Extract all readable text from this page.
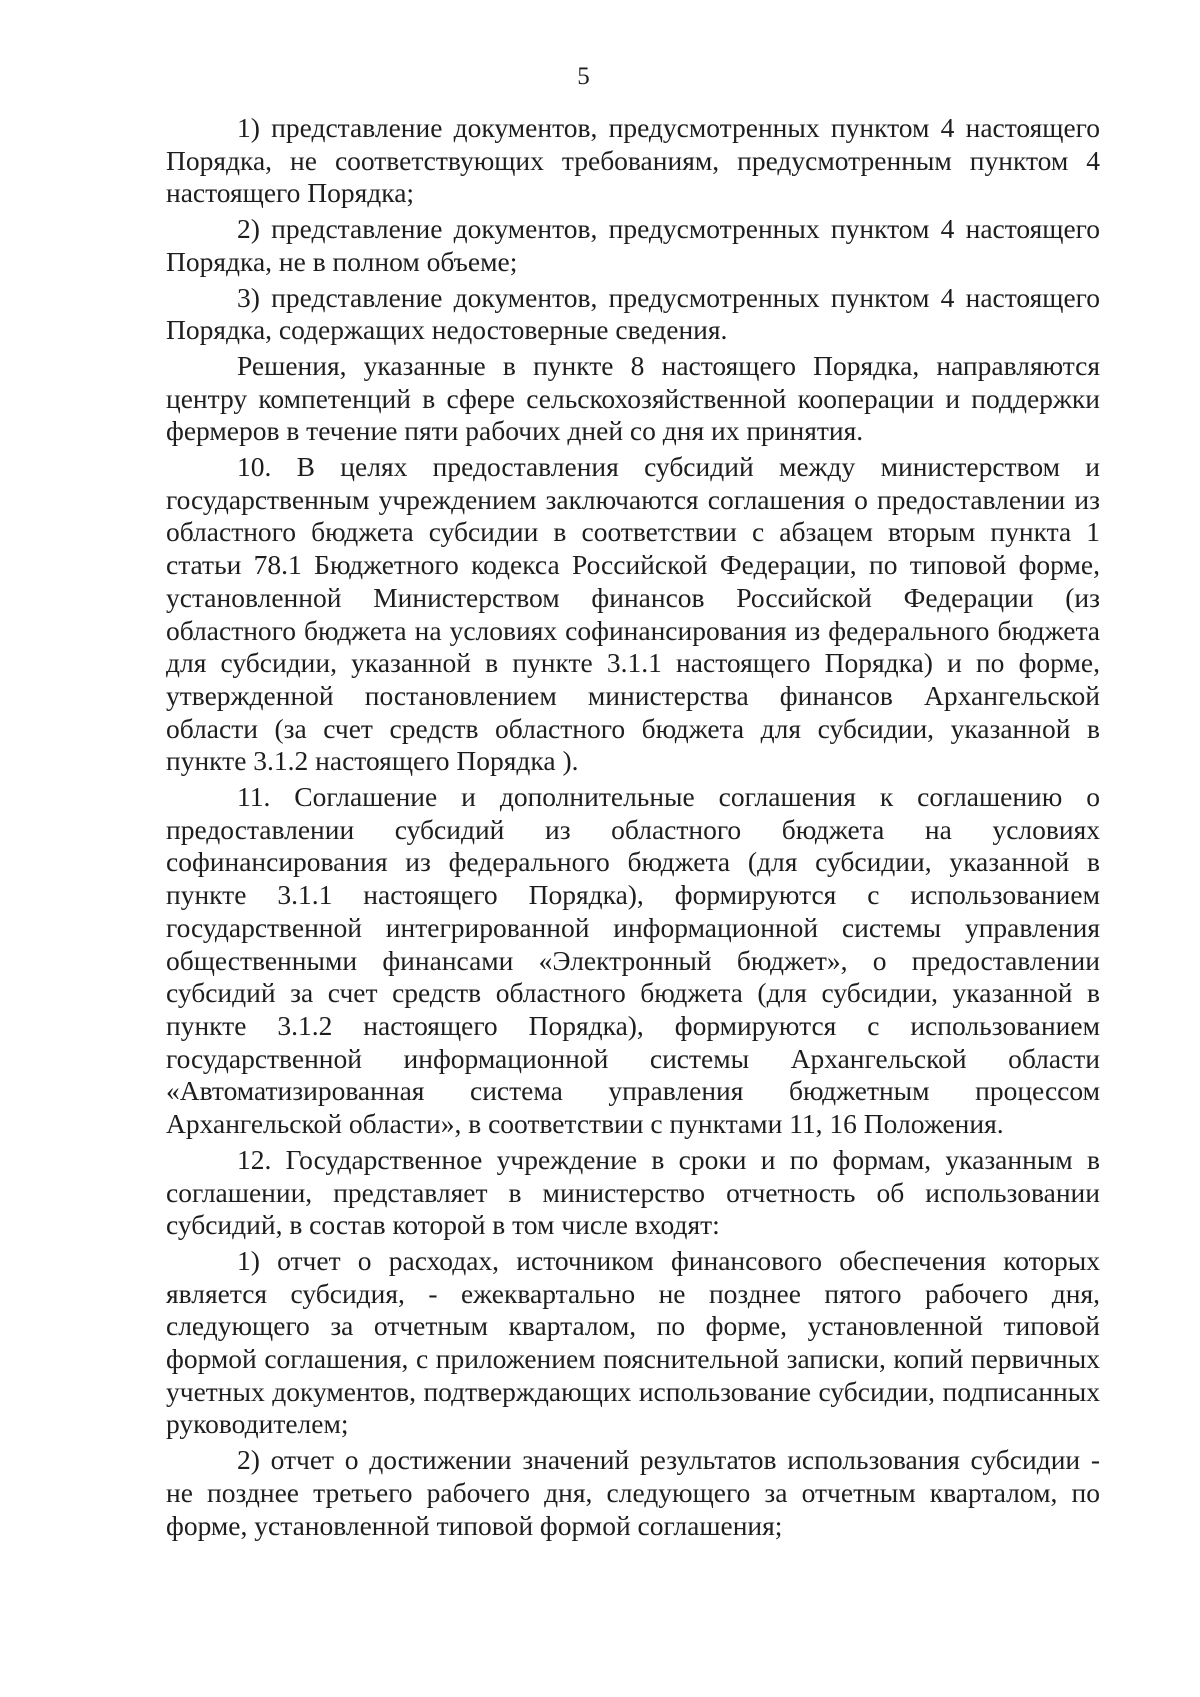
5

1) представление документов, предусмотренных пунктом 4 настоящего Порядка, не соответствующих требованиям, предусмотренным пунктом 4 настоящего Порядка;

2) представление документов, предусмотренных пунктом 4 настоящего Порядка, не в полном объеме;

3) представление документов, предусмотренных пунктом 4 настоящего Порядка, содержащих недостоверные сведения.

Решения, указанные в пункте 8 настоящего Порядка, направляются центру компетенций в сфере сельскохозяйственной кооперации и поддержки фермеров в течение пяти рабочих дней со дня их принятия.

10. В целях предоставления субсидий между министерством и государственным учреждением заключаются соглашения о предоставлении из областного бюджета субсидии в соответствии с абзацем вторым пункта 1 статьи 78.1 Бюджетного кодекса Российской Федерации, по типовой форме, установленной Министерством финансов Российской Федерации (из областного бюджета на условиях софинансирования из федерального бюджета для субсидии, указанной в пункте 3.1.1 настоящего Порядка) и по форме, утвержденной постановлением министерства финансов Архангельской области (за счет средств областного бюджета для субсидии, указанной в пункте 3.1.2 настоящего Порядка ).

11. Соглашение и дополнительные соглашения к соглашению о предоставлении субсидий из областного бюджета на условиях софинансирования из федерального бюджета (для субсидии, указанной в пункте 3.1.1 настоящего Порядка), формируются с использованием государственной интегрированной информационной системы управления общественными финансами «Электронный бюджет», о предоставлении субсидий за счет средств областного бюджета (для субсидии, указанной в пункте 3.1.2 настоящего Порядка), формируются с использованием государственной информационной системы Архангельской области «Автоматизированная система управления бюджетным процессом Архангельской области», в соответствии с пунктами 11, 16 Положения.

12. Государственное учреждение в сроки и по формам, указанным в соглашении, представляет в министерство отчетность об использовании субсидий, в состав которой в том числе входят:

1) отчет о расходах, источником финансового обеспечения которых является субсидия, - ежеквартально не позднее пятого рабочего дня, следующего за отчетным кварталом, по форме, установленной типовой формой соглашения, с приложением пояснительной записки, копий первичных учетных документов, подтверждающих использование субсидии, подписанных руководителем;

2) отчет о достижении значений результатов использования субсидии - не позднее третьего рабочего дня, следующего за отчетным кварталом, по форме, установленной типовой формой соглашения;
